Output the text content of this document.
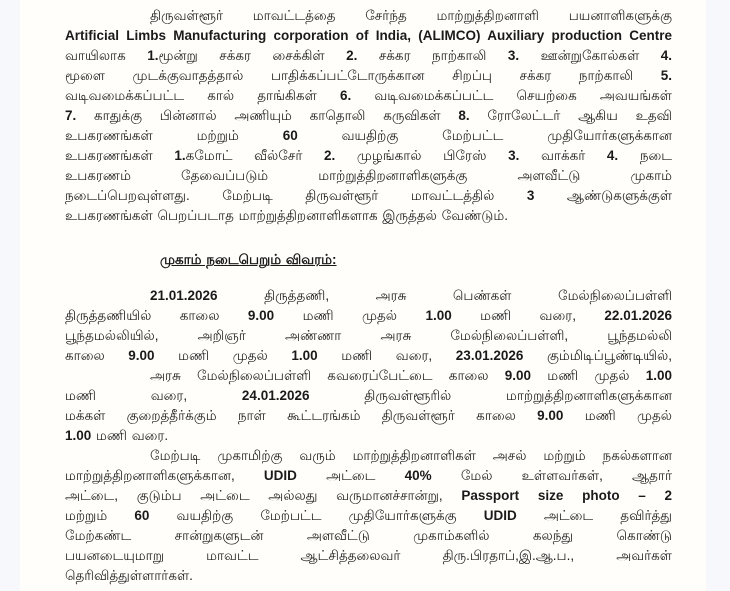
திருவள்ளூர் மாவட்டத்தை சேர்ந்த மாற்றுத்திறனாளி பயனாளிகளுக்கு
Artificial Limbs Manufacturing corporation of India, (ALIMCO) Auxiliary production Centre
வாயிலாக 1.மூன்று சக்கர சைக்கிள் 2. சக்கர நாற்காலி 3. ஊன்றுகோல்கள் 4.
மூளை முடக்குவாதத்தால் பாதிக்கப்பட்டோருக்கான சிறப்பு சக்கர நாற்காலி 5.
வடிவமைக்கப்பட்ட கால் தாங்கிகள் 6. வடிவமைக்கப்பட்ட செயற்கை அவயங்கள்
7. காதுக்கு பின்னால் அணியும் காதொலி கருவிகள் 8. ரோலேட்டர் ஆகிய உதவி
உபகரணங்கள் மற்றும் 60 வயதிற்கு மேற்பட்ட முதியோர்களுக்கான
உபகரணங்கள் 1.கமோட் வீல்சேர் 2. முழங்கால் பிரேஸ் 3. வாக்கர் 4. நடை
உபகரணம் தேவைப்படும் மாற்றுத்திறனாளிகளுக்கு அளவீட்டு முகாம்
நடைப்பெறவுள்ளது. மேற்படி திருவள்ளூர் மாவட்டத்தில் 3 ஆண்டுகளுக்குள்
உபகரணங்கள் பெறப்படாத மாற்றுத்திறனாளிகளாக இருத்தல் வேண்டும்.
முகாம் நடைபெறும் விவரம்:
21.01.2026 திருத்தணி, அரசு பெண்கள் மேல்நிலைப்பள்ளி
திருத்தணியில் காலை 9.00 மணி முதல் 1.00 மணி வரை, 22.01.2026
பூந்தமல்லியில், அறிஞர் அண்ணா அரசு மேல்நிலைப்பள்ளி, பூந்தமல்லி
காலை 9.00 மணி முதல் 1.00 மணி வரை, 23.01.2026 கும்மிடிப்பூண்டியில்,
அரசு மேல்நிலைப்பள்ளி கவரைப்பேட்டை காலை 9.00 மணி முதல் 1.00
மணி வரை, 24.01.2026 திருவள்ளூரில் மாற்றுத்திறனாளிகளுக்கான
மக்கள் குறைத்தீர்க்கும் நாள் கூட்டரங்கம் திருவள்ளூர் காலை 9.00 மணி முதல்
1.00 மணி வரை.
மேற்படி முகாமிற்கு வரும் மாற்றுத்திறனாளிகள் அசல் மற்றும் நகல்களான
மாற்றுத்திறனாளிகளுக்கான, UDID அட்டை 40% மேல் உள்ளவர்கள், ஆதார்
அட்டை, குடும்ப அட்டை அல்லது வருமானச்சான்று, Passport size photo – 2
மற்றும் 60 வயதிற்கு மேற்பட்ட முதியோர்களுக்கு UDID அட்டை தவிர்த்து
மேற்கண்ட சான்றுகளுடன் அளவீட்டு முகாம்களில் கலந்து கொண்டு
பயனடையுமாறு மாவட்ட ஆட்சித்தலைவர் திரு.பிரதாப்,இ.ஆ.ப., அவர்கள்
தெரிவித்துள்ளார்கள்.
